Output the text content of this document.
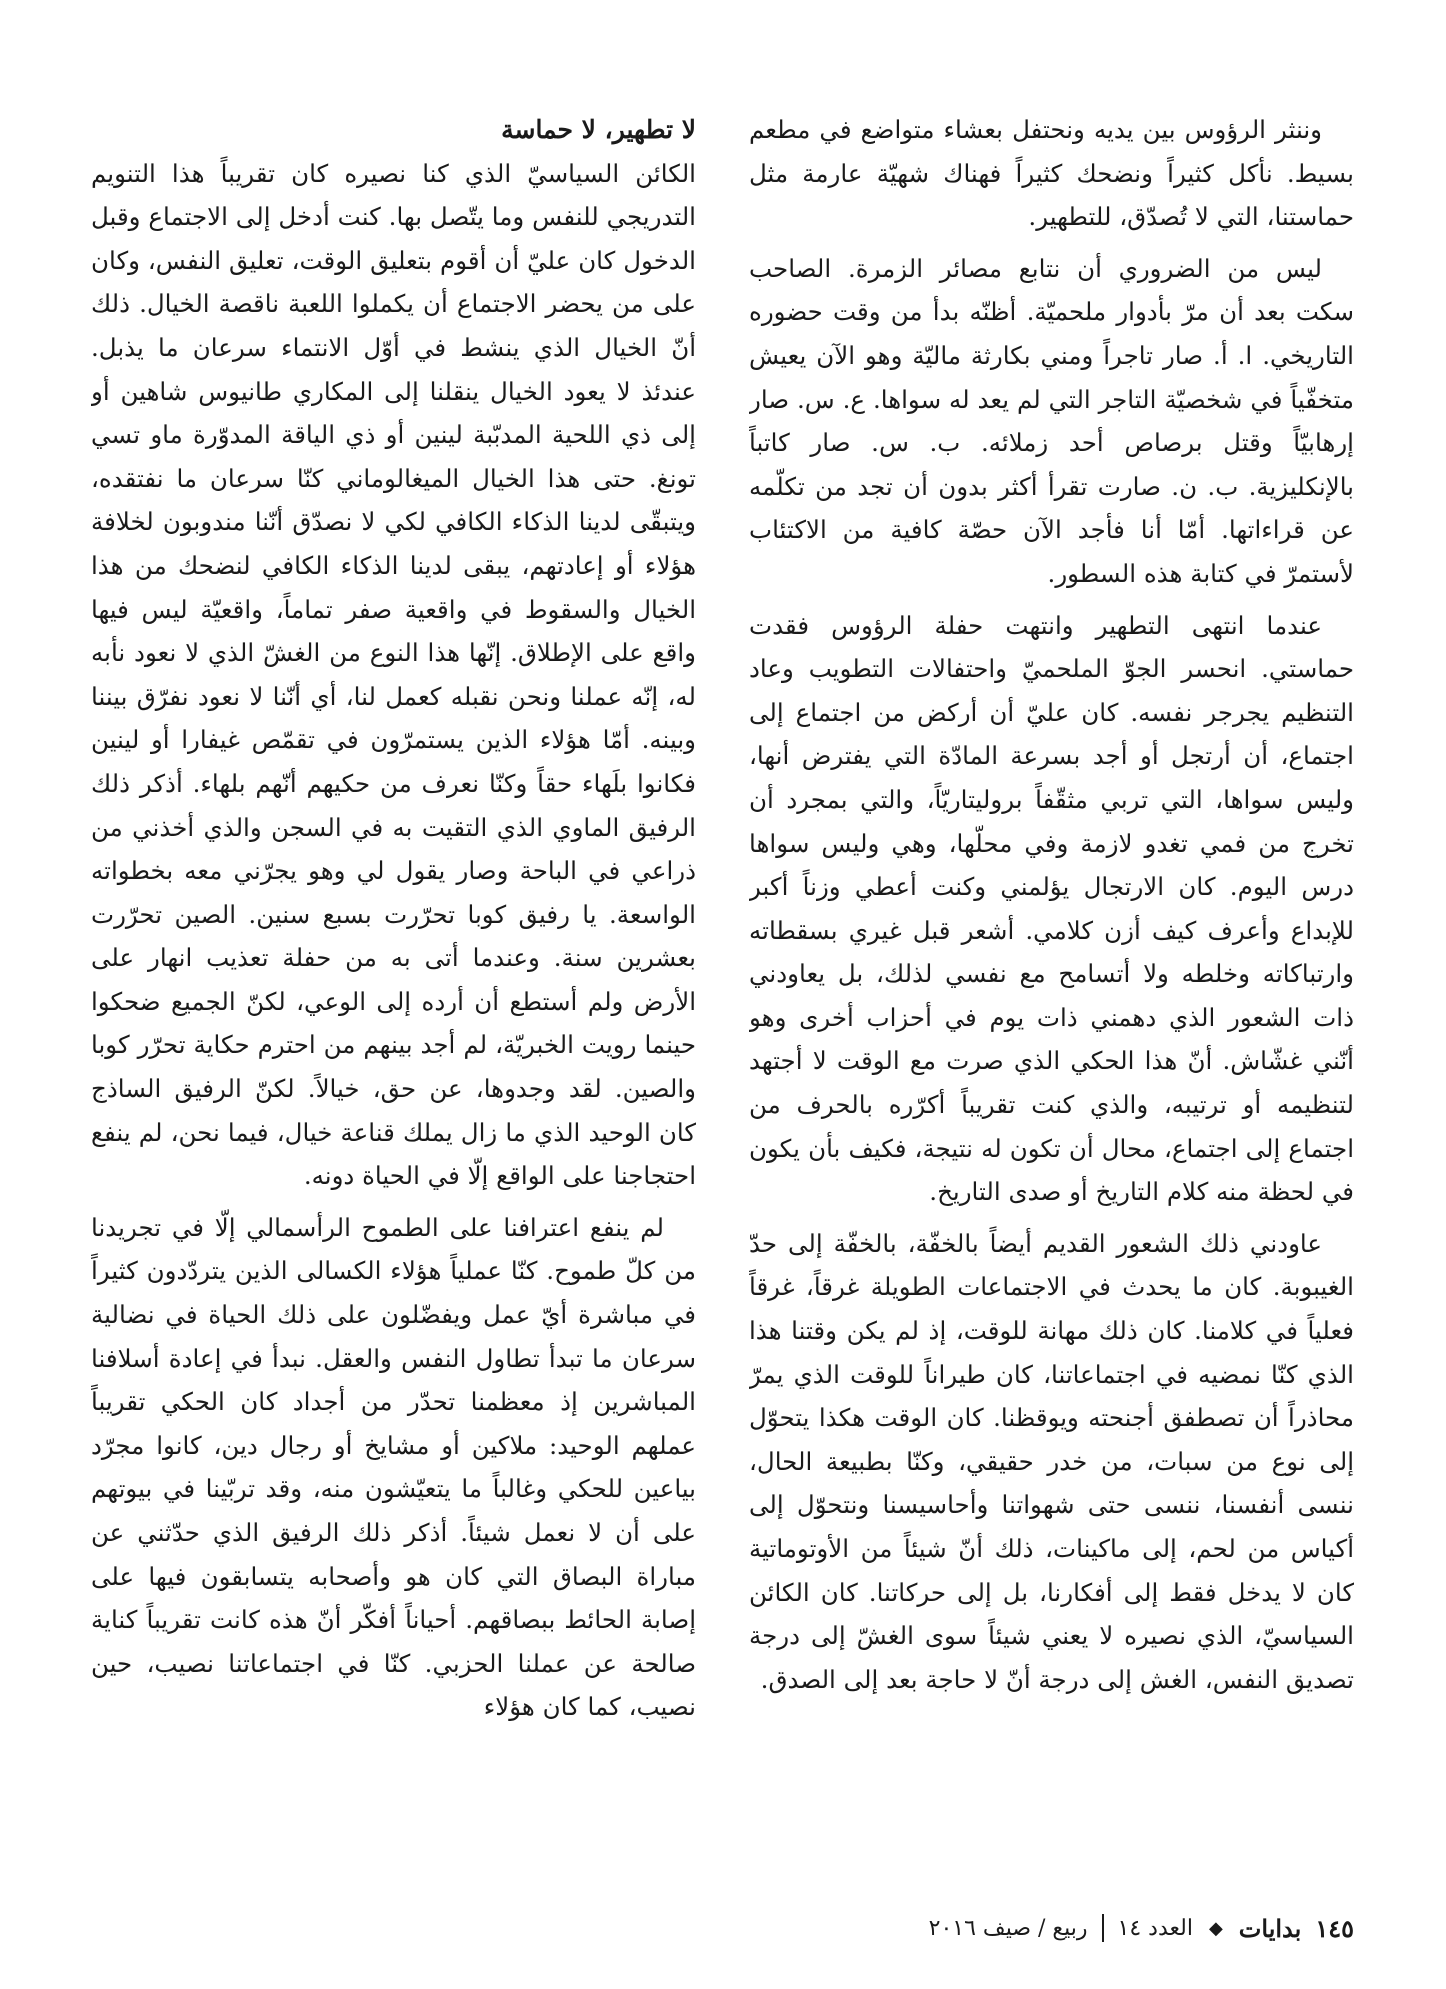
وننثر الرؤوس بين يديه ونحتفل بعشاء متواضع في مطعم بسيط. نأكل كثيراً ونضحك كثيراً فهناك شهيّة عارمة مثل حماستنا، التي لا تُصدّق، للتطهير.

ليس من الضروري أن نتابع مصائر الزمرة. الصاحب سكت بعد أن مرّ بأدوار ملحميّة. أظنّه بدأ من وقت حضوره التاريخي. ا. أ. صار تاجراً ومني بكارثة ماليّة وهو الآن يعيش متخفّياً في شخصيّة التاجر التي لم يعد له سواها. ع. س. صار إرهابيّاً وقتل برصاص أحد زملائه. ب. س. صار كاتباً بالإنكليزية. ب. ن. صارت تقرأ أكثر بدون أن تجد من تكلّمه عن قراءاتها. أمّا أنا فأجد الآن حصّة كافية من الاكتئاب لأستمرّ في كتابة هذه السطور.

عندما انتهى التطهير وانتهت حفلة الرؤوس فقدت حماستي. انحسر الجوّ الملحميّ واحتفالات التطويب وعاد التنظيم يجرجر نفسه. كان عليّ أن أركض من اجتماع إلى اجتماع، أن أرتجل أو أجد بسرعة المادّة التي يفترض أنها، وليس سواها، التي تربي مثقّفاً بروليتاريّاً، والتي بمجرد أن تخرج من فمي تغدو لازمة وفي محلّها، وهي وليس سواها درس اليوم. كان الارتجال يؤلمني وكنت أعطي وزناً أكبر للإبداع وأعرف كيف أزن كلامي. أشعر قبل غيري بسقطاته وارتباكاته وخلطه ولا أتسامح مع نفسي لذلك، بل يعاودني ذات الشعور الذي دهمني ذات يوم في أحزاب أخرى وهو أنّني غشّاش. أنّ هذا الحكي الذي صرت مع الوقت لا أجتهد لتنظيمه أو ترتيبه، والذي كنت تقريباً أكرّره بالحرف من اجتماع إلى اجتماع، محال أن تكون له نتيجة، فكيف بأن يكون في لحظة منه كلام التاريخ أو صدى التاريخ.

عاودني ذلك الشعور القديم أيضاً بالخفّة، بالخفّة إلى حدّ الغيبوبة. كان ما يحدث في الاجتماعات الطويلة غرقاً، غرقاً فعلياً في كلامنا. كان ذلك مهانة للوقت، إذ لم يكن وقتنا هذا الذي كنّا نمضيه في اجتماعاتنا، كان طيراناً للوقت الذي يمرّ محاذراً أن تصطفق أجنحته ويوقظنا. كان الوقت هكذا يتحوّل إلى نوع من سبات، من خدر حقيقي، وكنّا بطبيعة الحال، ننسى أنفسنا، ننسى حتى شهواتنا وأحاسيسنا ونتحوّل إلى أكياس من لحم، إلى ماكينات، ذلك أنّ شيئاً من الأوتوماتية كان لا يدخل فقط إلى أفكارنا، بل إلى حركاتنا. كان الكائن السياسيّ، الذي نصيره لا يعني شيئاً سوى الغشّ إلى درجة تصديق النفس، الغش إلى درجة أنّ لا حاجة بعد إلى الصدق.

لا تطهير، لا حماسة

الكائن السياسيّ الذي كنا نصيره كان تقريباً هذا التنويم التدريجي للنفس وما يتّصل بها. كنت أدخل إلى الاجتماع وقبل الدخول كان عليّ أن أقوم بتعليق الوقت، تعليق النفس، وكان على من يحضر الاجتماع أن يكملوا اللعبة ناقصة الخيال. ذلك أنّ الخيال الذي ينشط في أوّل الانتماء سرعان ما يذبل. عندئذ لا يعود الخيال ينقلنا إلى المكاري طانيوس شاهين أو إلى ذي اللحية المدبّبة لينين أو ذي الياقة المدوّرة ماو تسي تونغ. حتى هذا الخيال الميغالوماني كنّا سرعان ما نفتقده، ويتبقّى لدينا الذكاء الكافي لكي لا نصدّق أنّنا مندوبون لخلافة هؤلاء أو إعادتهم، يبقى لدينا الذكاء الكافي لنضحك من هذا الخيال والسقوط في واقعية صفر تماماً، واقعيّة ليس فيها واقع على الإطلاق. إنّها هذا النوع من الغشّ الذي لا نعود نأبه له، إنّه عملنا ونحن نقبله كعمل لنا، أي أنّنا لا نعود نفرّق بيننا وبينه. أمّا هؤلاء الذين يستمرّون في تقمّص غيفارا أو لينين فكانوا بلَهاء حقاً وكنّا نعرف من حكيهم أنّهم بلهاء. أذكر ذلك الرفيق الماوي الذي التقيت به في السجن والذي أخذني من ذراعي في الباحة وصار يقول لي وهو يجرّني معه بخطواته الواسعة. يا رفيق كوبا تحرّرت بسبع سنين. الصين تحرّرت بعشرين سنة. وعندما أتى به من حفلة تعذيب انهار على الأرض ولم أستطع أن أرده إلى الوعي، لكنّ الجميع ضحكوا حينما رويت الخبريّة، لم أجد بينهم من احترم حكاية تحرّر كوبا والصين. لقد وجدوها، عن حق، خيالاً. لكنّ الرفيق الساذج كان الوحيد الذي ما زال يملك قناعة خيال، فيما نحن، لم ينفع احتجاجنا على الواقع إلّا في الحياة دونه.

لم ينفع اعترافنا على الطموح الرأسمالي إلّا في تجريدنا من كلّ طموح. كنّا عملياً هؤلاء الكسالى الذين يتردّدون كثيراً في مباشرة أيّ عمل ويفضّلون على ذلك الحياة في نضالية سرعان ما تبدأ تطاول النفس والعقل. نبدأ في إعادة أسلافنا المباشرين إذ معظمنا تحدّر من أجداد كان الحكي تقريباً عملهم الوحيد: ملاكين أو مشايخ أو رجال دين، كانوا مجرّد بياعين للحكي وغالباً ما يتعيّشون منه، وقد تربّينا في بيوتهم على أن لا نعمل شيئاً. أذكر ذلك الرفيق الذي حدّثني عن مباراة البصاق التي كان هو وأصحابه يتسابقون فيها على إصابة الحائط ببصاقهم. أحياناً أفكّر أنّ هذه كانت تقريباً كناية صالحة عن عملنا الحزبي. كنّا في اجتماعاتنا نصيب، حين نصيب، كما كان هؤلاء

١٤٥
بدايات
◆
العدد ١٤
ربيع / صيف ٢٠١٦
